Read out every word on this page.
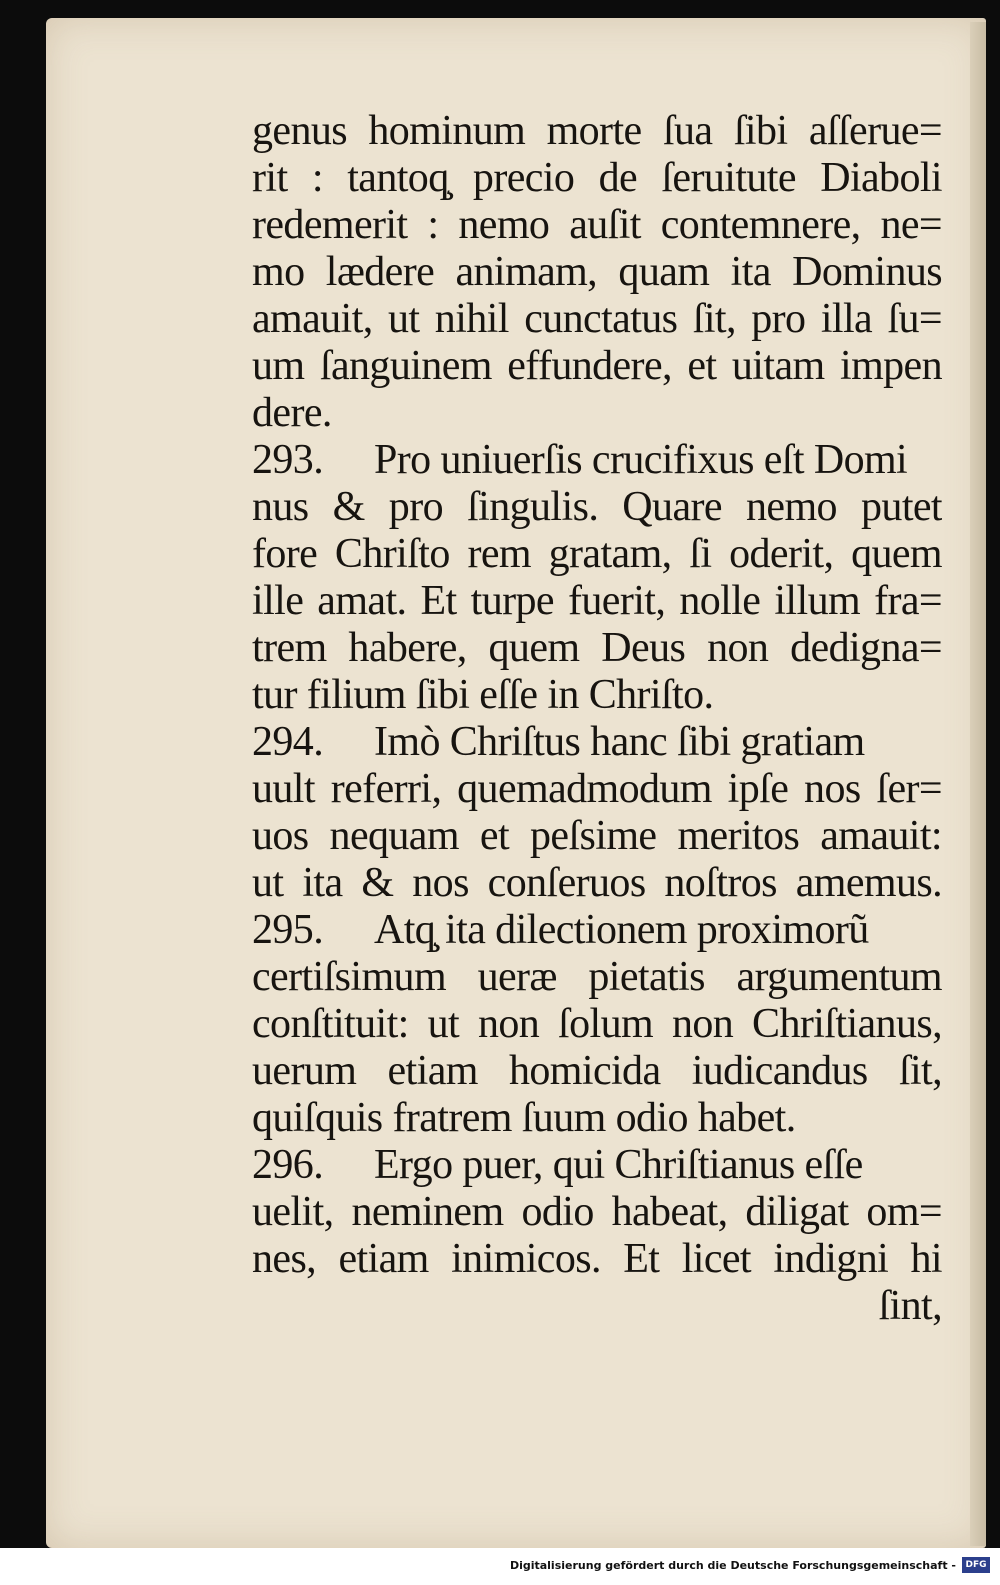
genus hominum morte ſua ſibi aſſerue=
rit : tantoq̧ precio de ſeruitute Diaboli
redemerit : nemo auſit contemnere, ne=
mo lædere animam, quam ita Dominus
amauit, ut nihil cunctatus ſit, pro illa ſu=
um ſanguinem effundere, et uitam impen
dere.
293. Pro uniuerſis crucifixus eſt Domi
nus & pro ſingulis. Quare nemo putet
fore Chriſto rem gratam, ſi oderit, quem
ille amat. Et turpe fuerit, nolle illum fra=
trem habere, quem Deus non dedigna=
tur filium ſibi eſſe in Chriſto.
294. Imò Chriſtus hanc ſibi gratiam
uult referri, quemadmodum ipſe nos ſer=
uos nequam et peſsime meritos amauit:
ut ita & nos conſeruos noſtros amemus.
295. Atq̧ ita dilectionem proximorũ
certiſsimum ueræ pietatis argumentum
conſtituit: ut non ſolum non Chriſtianus,
uerum etiam homicida iudicandus ſit,
quiſquis fratrem ſuum odio habet.
296. Ergo puer, qui Chriſtianus eſſe
uelit, neminem odio habeat, diligat om=
nes, etiam inimicos. Et licet indigni hi
ſint,
Digitalisierung gefördert durch die Deutsche Forschungsgemeinschaft -	DFG
